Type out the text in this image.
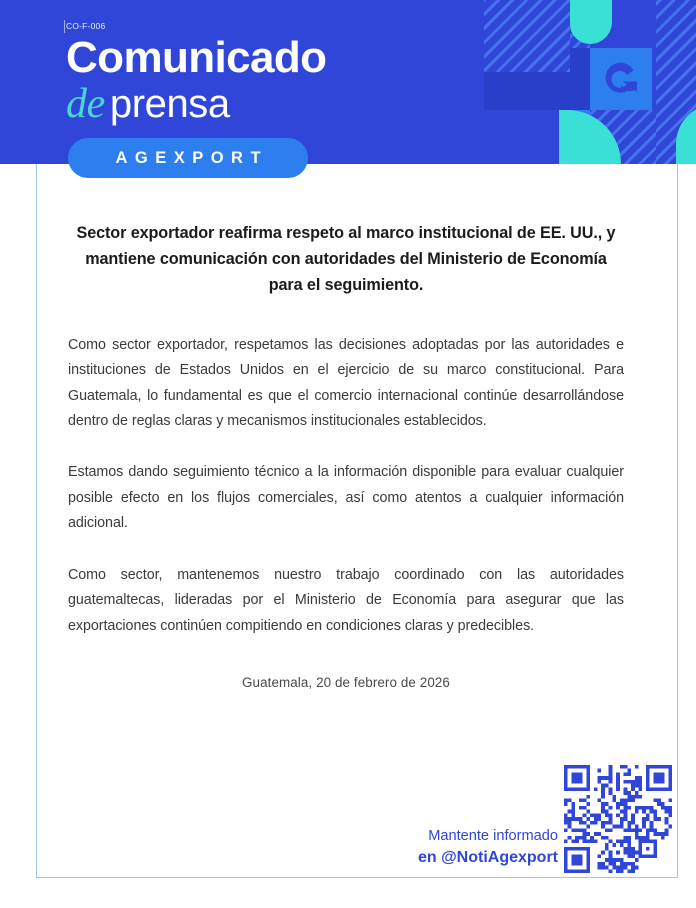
CO-F-006
Comunicado
de prensa
AGEXPORT
Sector exportador reafirma respeto al marco institucional de EE. UU., y mantiene comunicación con autoridades del Ministerio de Economía para el seguimiento.
Como sector exportador, respetamos las decisiones adoptadas por las autoridades e instituciones de Estados Unidos en el ejercicio de su marco constitucional. Para Guatemala, lo fundamental es que el comercio internacional continúe desarrollándose dentro de reglas claras y mecanismos institucionales establecidos.
Estamos dando seguimiento técnico a la información disponible para evaluar cualquier posible efecto en los flujos comerciales, así como atentos a cualquier información adicional.
Como sector, mantenemos nuestro trabajo coordinado con las autoridades guatemaltecas, lideradas por el Ministerio de Economía para asegurar que las exportaciones continúen compitiendo en condiciones claras y predecibles.
Guatemala, 20 de febrero de 2026
Mantente informado
en @NotiAgexport
